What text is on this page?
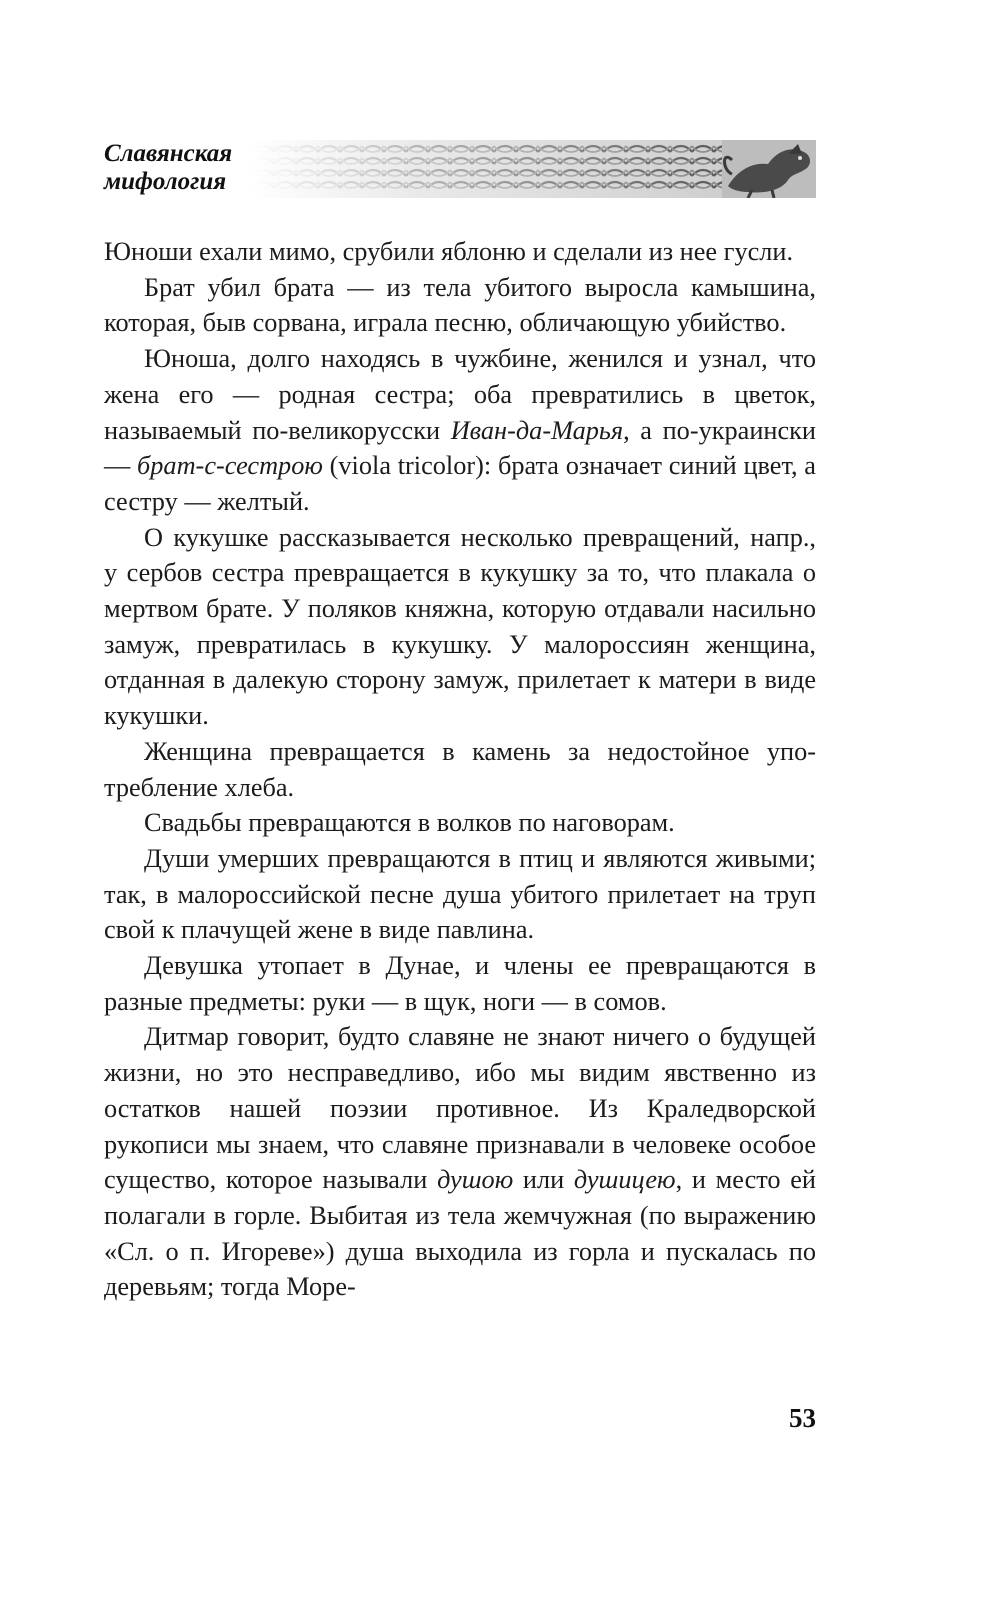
Славянская
мифология

Юноши ехали мимо, срубили яблоню и сделали из нее гусли.

Брат убил брата — из тела убитого выросла камышина, которая, быв сорвана, играла песню, обличающую убийство.

Юноша, долго находясь в чужбине, женился и узнал, что жена его — родная сестра; оба превратились в цветок, называемый по-великорусски Иван-да-Марья, а по-украински — брат-с-сестрою (viola tricolor): брата означает синий цвет, а сестру — желтый.

О кукушке рассказывается несколько превращений, напр., у сербов сестра превращается в кукушку за то, что плакала о мертвом брате. У поляков княжна, которую отдавали насильно замуж, превратилась в кукушку. У малороссиян женщина, отданная в далекую сторону замуж, прилетает к матери в виде кукушки.

Женщина превращается в камень за недостойное употребление хлеба.

Свадьбы превращаются в волков по наговорам.

Души умерших превращаются в птиц и являются живыми; так, в малороссийской песне душа убитого прилетает на труп свой к плачущей жене в виде павлина.

Девушка утопает в Дунае, и члены ее превращаются в разные предметы: руки — в щук, ноги — в сомов.

Дитмар говорит, будто славяне не знают ничего о будущей жизни, но это несправедливо, ибо мы видим явственно из остатков нашей поэзии противное. Из Краледворской рукописи мы знаем, что славяне признавали в человеке особое существо, которое называли душою или душицею, и место ей полагали в горле. Выбитая из тела жемчужная (по выражению «Сл. о п. Игореве») душа выходила из горла и пускалась по деревьям; тогда Море-

53
